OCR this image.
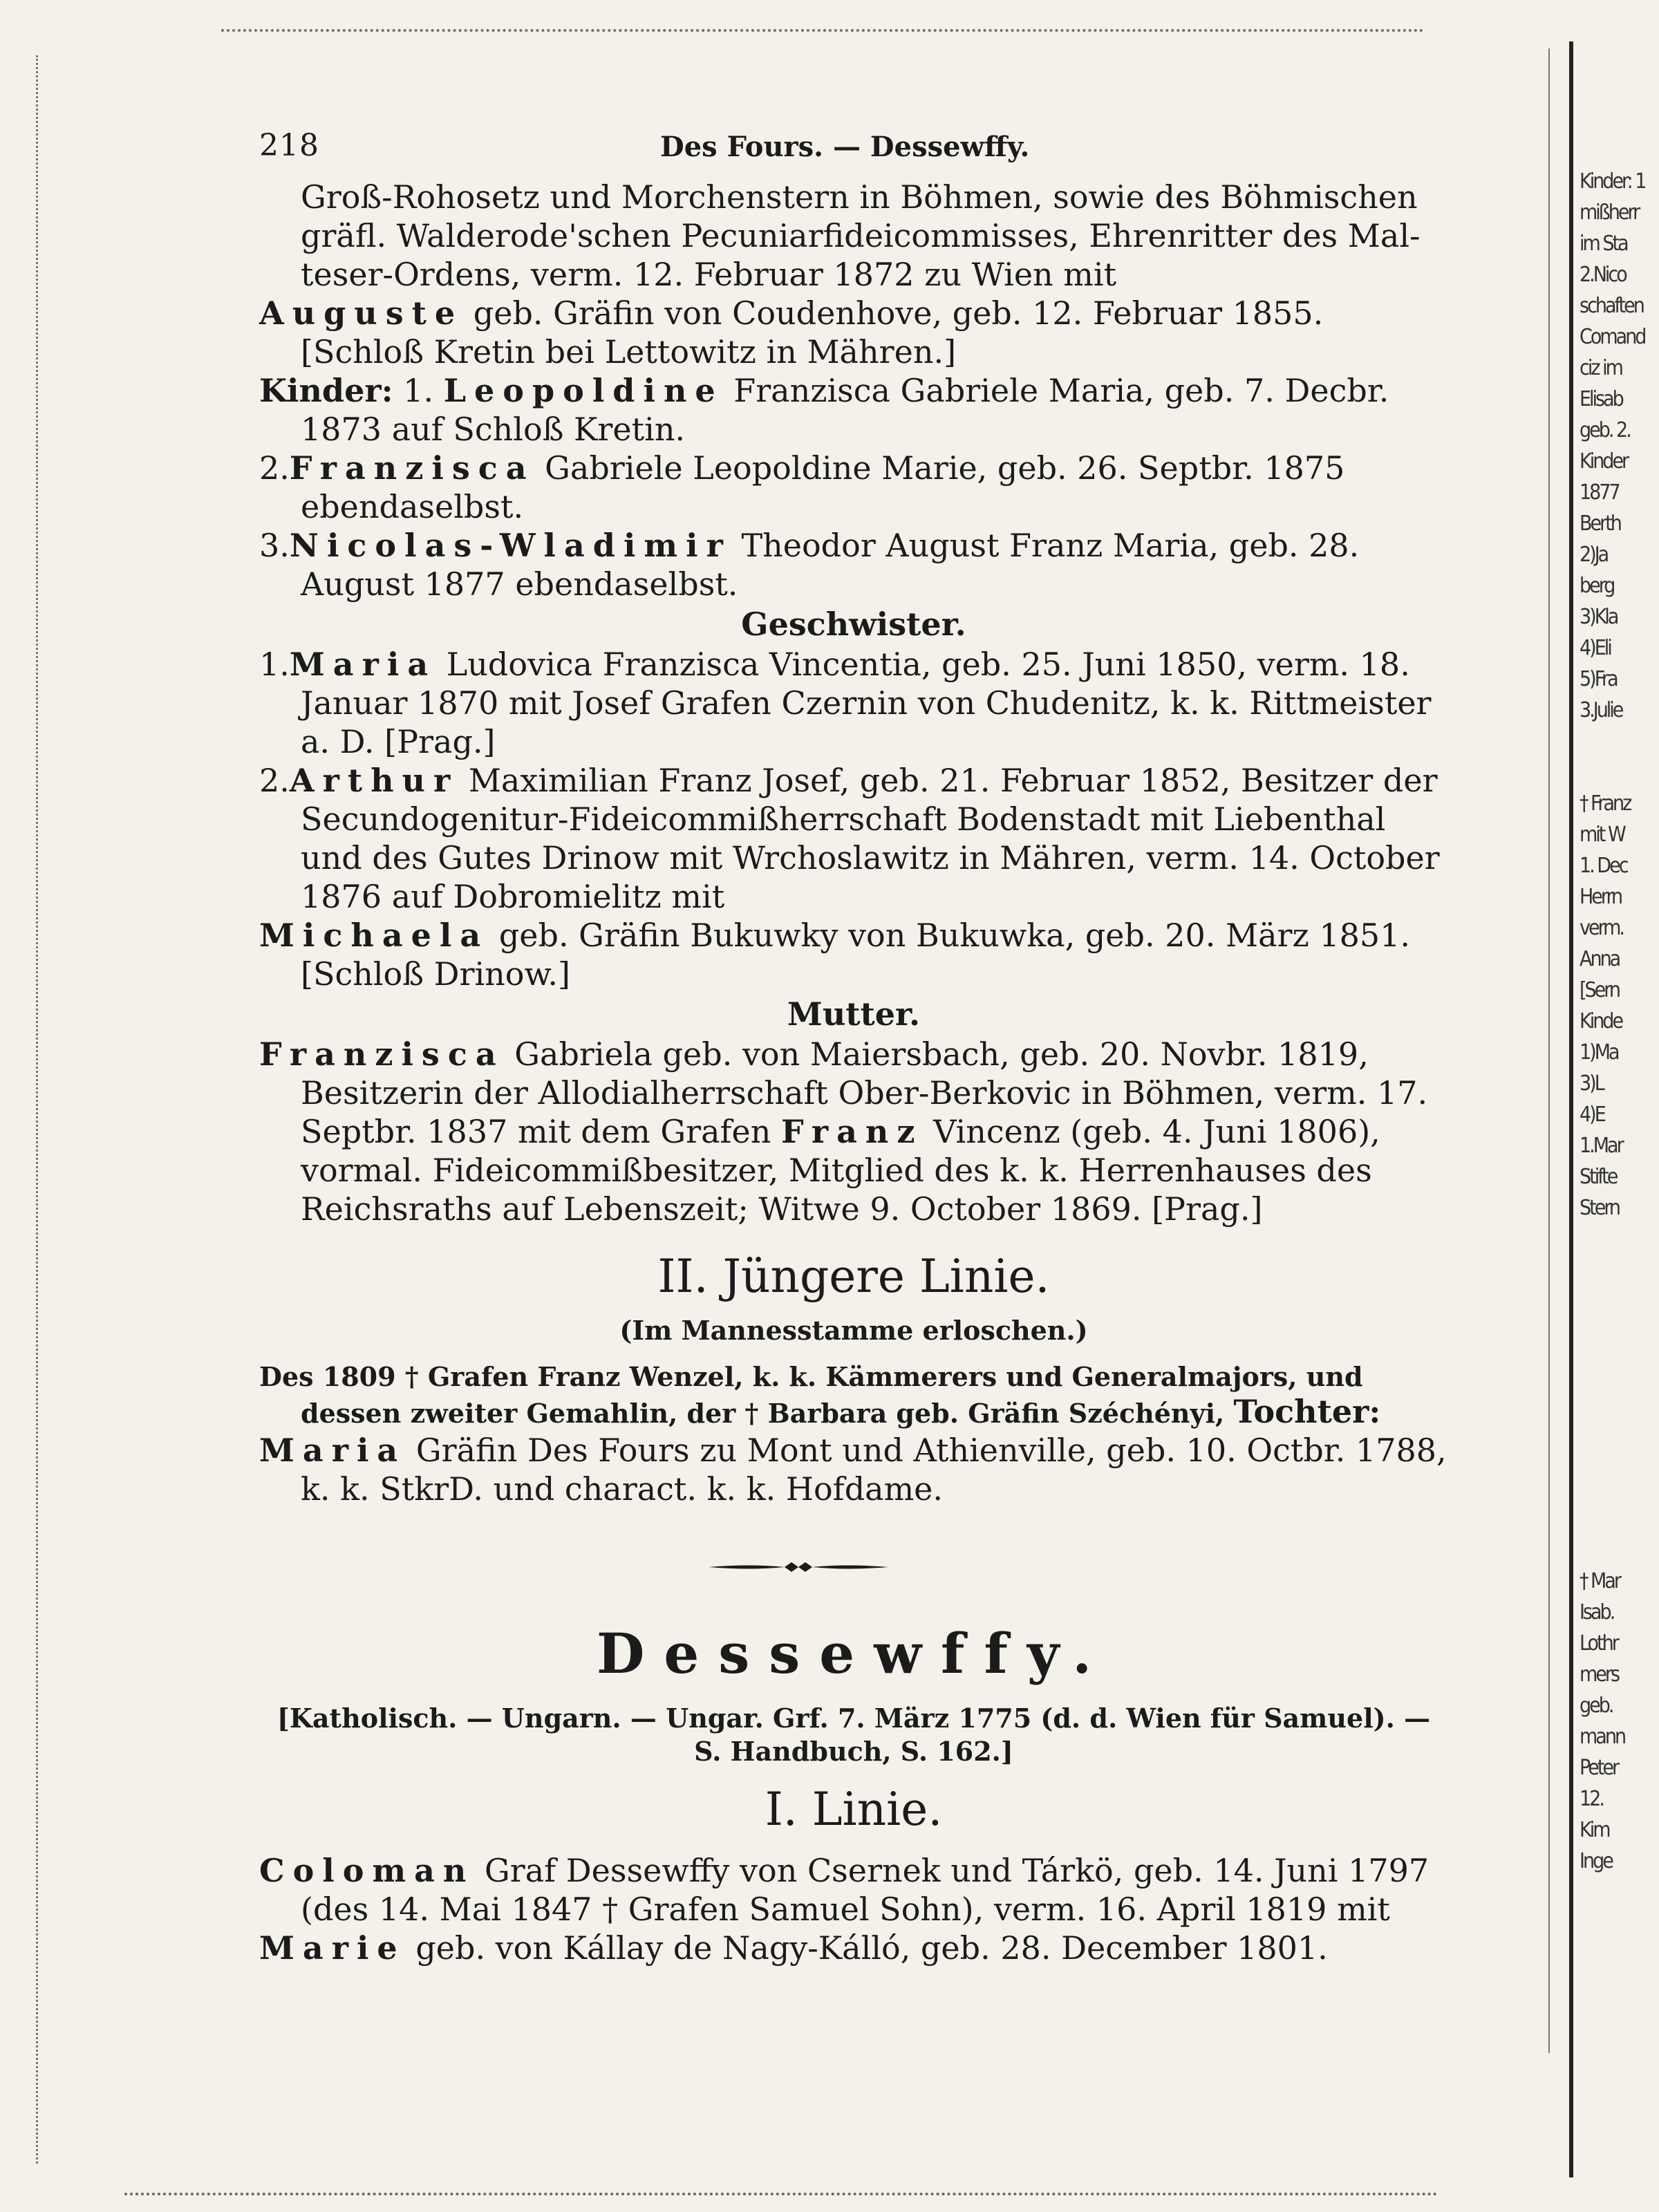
Kinder: 1
mißherr
im Sta
2.Nico
schaften
Comand
ciz im
Elisab
geb. 2.
Kinder
1877
Berth
2)Ja
berg
3)Kla
4)Eli
5)Fra
3.Julie

† Franz
mit W
1. Dec
Herrn
verm.
Anna
[Sern
Kinde
1)Ma
3)L
4)E
1.Mar
Stifte
Stern

† Mar
Isab.
Lothr
mers
geb.
mann
Peter
12.
Kim
Inge
218	Des Fours. — Dessewffy.

Groß-Rohosetz und Morchenstern in Böhmen, sowie des Böhmischen
gräfl. Walderode'schen Pecuniarfideicommisses, Ehrenritter des Mal-
teser-Ordens, verm. 12. Februar 1872 zu Wien mit

Auguste geb. Gräfin von Coudenhove, geb. 12. Februar 1855. [Schloß Kretin bei Lettowitz in Mähren.]

Kinder: 1. Leopoldine Franzisca Gabriele Maria, geb. 7. Decbr. 1873 auf Schloß Kretin.

2.Franzisca Gabriele Leopoldine Marie, geb. 26. Septbr. 1875 ebendaselbst.

3.Nicolas-Wladimir Theodor August Franz Maria, geb. 28. August 1877 ebendaselbst.

Geschwister.

1.Maria Ludovica Franzisca Vincentia, geb. 25. Juni 1850, verm. 18. Januar 1870 mit Josef Grafen Czernin von Chudenitz, k. k. Rittmeister a. D. [Prag.]

2.Arthur Maximilian Franz Josef, geb. 21. Februar 1852, Besitzer der Secundogenitur-Fideicommißherrschaft Bodenstadt mit Liebenthal und des Gutes Drinow mit Wrchoslawitz in Mähren, verm. 14. October 1876 auf Dobromielitz mit

Michaela geb. Gräfin Bukuwky von Bukuwka, geb. 20. März 1851. [Schloß Drinow.]

Mutter.

Franzisca Gabriela geb. von Maiersbach, geb. 20. Novbr. 1819, Besitzerin der Allodialherrschaft Ober-Berkovic in Böhmen, verm. 17. Septbr. 1837 mit dem Grafen Franz Vincenz (geb. 4. Juni 1806), vormal. Fideicommißbesitzer, Mitglied des k. k. Herrenhauses des Reichsraths auf Lebenszeit; Witwe 9. October 1869. [Prag.]

II. Jüngere Linie.

(Im Mannesstamme erloschen.)

Des 1809 † Grafen Franz Wenzel, k. k. Kämmerers und Generalmajors, und dessen zweiter Gemahlin, der † Barbara geb. Gräfin Széchényi, Tochter:

Maria Gräfin Des Fours zu Mont und Athienville, geb. 10. Octbr. 1788, k. k. StkrD. und charact. k. k. Hofdame.

Dessewffy.

[Katholisch. — Ungarn. — Ungar. Grf. 7. März 1775 (d. d. Wien für Samuel). —

S. Handbuch, S. 162.]

I. Linie.

Coloman Graf Dessewffy von Csernek und Tárkö, geb. 14. Juni 1797 (des 14. Mai 1847 † Grafen Samuel Sohn), verm. 16. April 1819 mit

Marie geb. von Kállay de Nagy-Kálló, geb. 28. December 1801.
